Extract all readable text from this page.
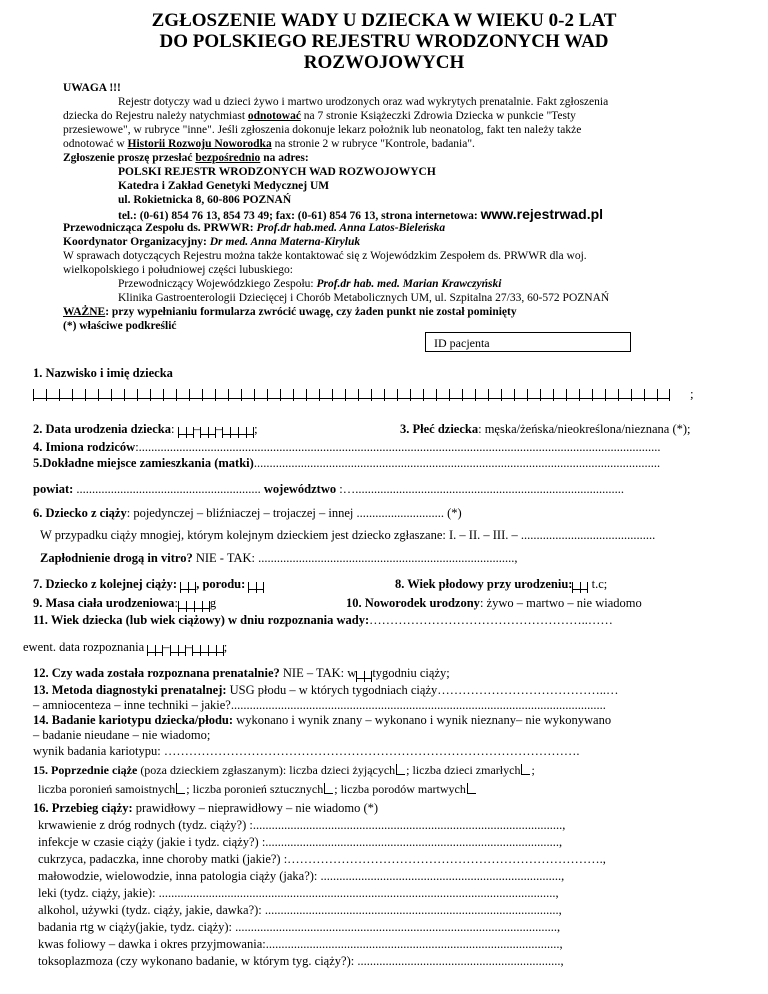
ZGŁOSZENIE WADY U DZIECKA W WIEKU 0-2 LAT
DO POLSKIEGO REJESTRU WRODZONYCH WAD
ROZWOJOWYCH
UWAGA !!!
Rejestr dotyczy wad u dzieci żywo i martwo urodzonych oraz wad wykrytych prenatalnie. Fakt zgłoszenia
dziecka do Rejestru należy natychmiast odnotować na 7 stronie Książeczki Zdrowia Dziecka w punkcie "Testy
przesiewowe", w rubryce "inne". Jeśli zgłoszenia dokonuje lekarz położnik lub neonatolog, fakt ten należy także
odnotować w Historii Rozwoju Noworodka na stronie 2 w rubryce "Kontrole, badania".
Zgłoszenie proszę przesłać bezpośrednio na adres:
POLSKI REJESTR WRODZONYCH WAD ROZWOJOWYCH
Katedra i Zakład Genetyki Medycznej UM
ul. Rokietnicka 8, 60-806 POZNAŃ
tel.: (0-61) 854 76 13, 854 73 49; fax: (0-61) 854 76 13, strona internetowa: www.rejestrwad.pl
Przewodnicząca Zespołu ds. PRWWR: Prof.dr hab.med. Anna Latos-Bieleńska
Koordynator Organizacyjny: Dr med. Anna Materna-Kiryluk
W sprawach dotyczących Rejestru można także kontaktować się z Wojewódzkim Zespołem ds. PRWWR dla woj.
wielkopolskiego i południowej części lubuskiego:
Przewodniczący Wojewódzkiego Zespołu: Prof.dr hab. med. Marian Krawczyński
Klinika Gastroenterologii Dziecięcej i Chorób Metabolicznych UM, ul. Szpitalna 27/33, 60-572 POZNAŃ
WAŻNE: przy wypełnianiu formularza zwrócić uwagę, czy żaden punkt nie został pominięty
(*) właściwe podkreślić
ID pacjenta
1. Nazwisko i imię dziecka
;
2. Data urodzenia dziecka: – –	;	3. Płeć dziecka: męska/żeńska/nieokreślona/nieznana (*);
4. Imiona rodziców:.......................................................................................................................................................................
5.Dokładne miejsce zamieszkania (matki)..................................................................................................................................
powiat: ........................................................... województwo :…......................................................................................
6. Dziecko z ciąży: pojedynczej – bliźniaczej – trojaczej – innej ............................ (*)
W przypadku ciąży mnogiej, którym kolejnym dzieckiem jest dziecko zgłaszane: I. – II. – III. – ...........................................
Zapłodnienie drogą in vitro? NIE - TAK: ..................................................................................,
7. Dziecko z kolejnej ciąży: , porodu:	8. Wiek płodowy przy urodzeniu: t.c;
9. Masa ciała urodzeniowa:	g	10. Noworodek urodzony: żywo – martwo – nie wiadomo
11. Wiek dziecka (lub wiek ciążowy) w dniu rozpoznania wady:……………………………………………..……
ewent. data rozpoznania – –	;
12. Czy wada została rozpoznana prenatalnie? NIE – TAK: w tygodniu ciąży;
13. Metoda diagnostyki prenatalnej: USG płodu – w których tygodniach ciąży…………………………………..…
– amniocenteza – inne techniki – jakie?........................................................................................................................
14. Badanie kariotypu dziecka/płodu: wykonano i wynik znany – wykonano i wynik nieznany– nie wykonywano
– badanie nieudane – nie wiadomo;
wynik badania kariotypu: ……………………………………………………………………………………….
15. Poprzednie ciąże (poza dzieckiem zgłaszanym): liczba dzieci żyjących ; liczba dzieci zmarłych ;
liczba poronień samoistnych ; liczba poronień sztucznych ; liczba porodów martwych
16. Przebieg ciąży: prawidłowy – nieprawidłowy – nie wiadomo (*)
krwawienie z dróg rodnych (tydz. ciąży?) :...................................................................................................,
infekcje w czasie ciąży (jakie i tydz. ciąży?) :..............................................................................................,
cukrzyca, padaczka, inne choroby matki (jakie?) :………………………………………………………………….,
małowodzie, wielowodzie, inna patologia ciąży (jaka?): .............................................................................,
leki (tydz. ciąży, jakie): ...............................................................................................................................,
alkohol, używki (tydz. ciąży, jakie, dawka?): ..............................................................................................,
badania rtg w ciąży(jakie, tydz. ciąży): .......................................................................................................,
kwas foliowy – dawka i okres przyjmowania:..............................................................................................,
toksoplazmoza (czy wykonano badanie, w którym tyg. ciąży?): .................................................................,
